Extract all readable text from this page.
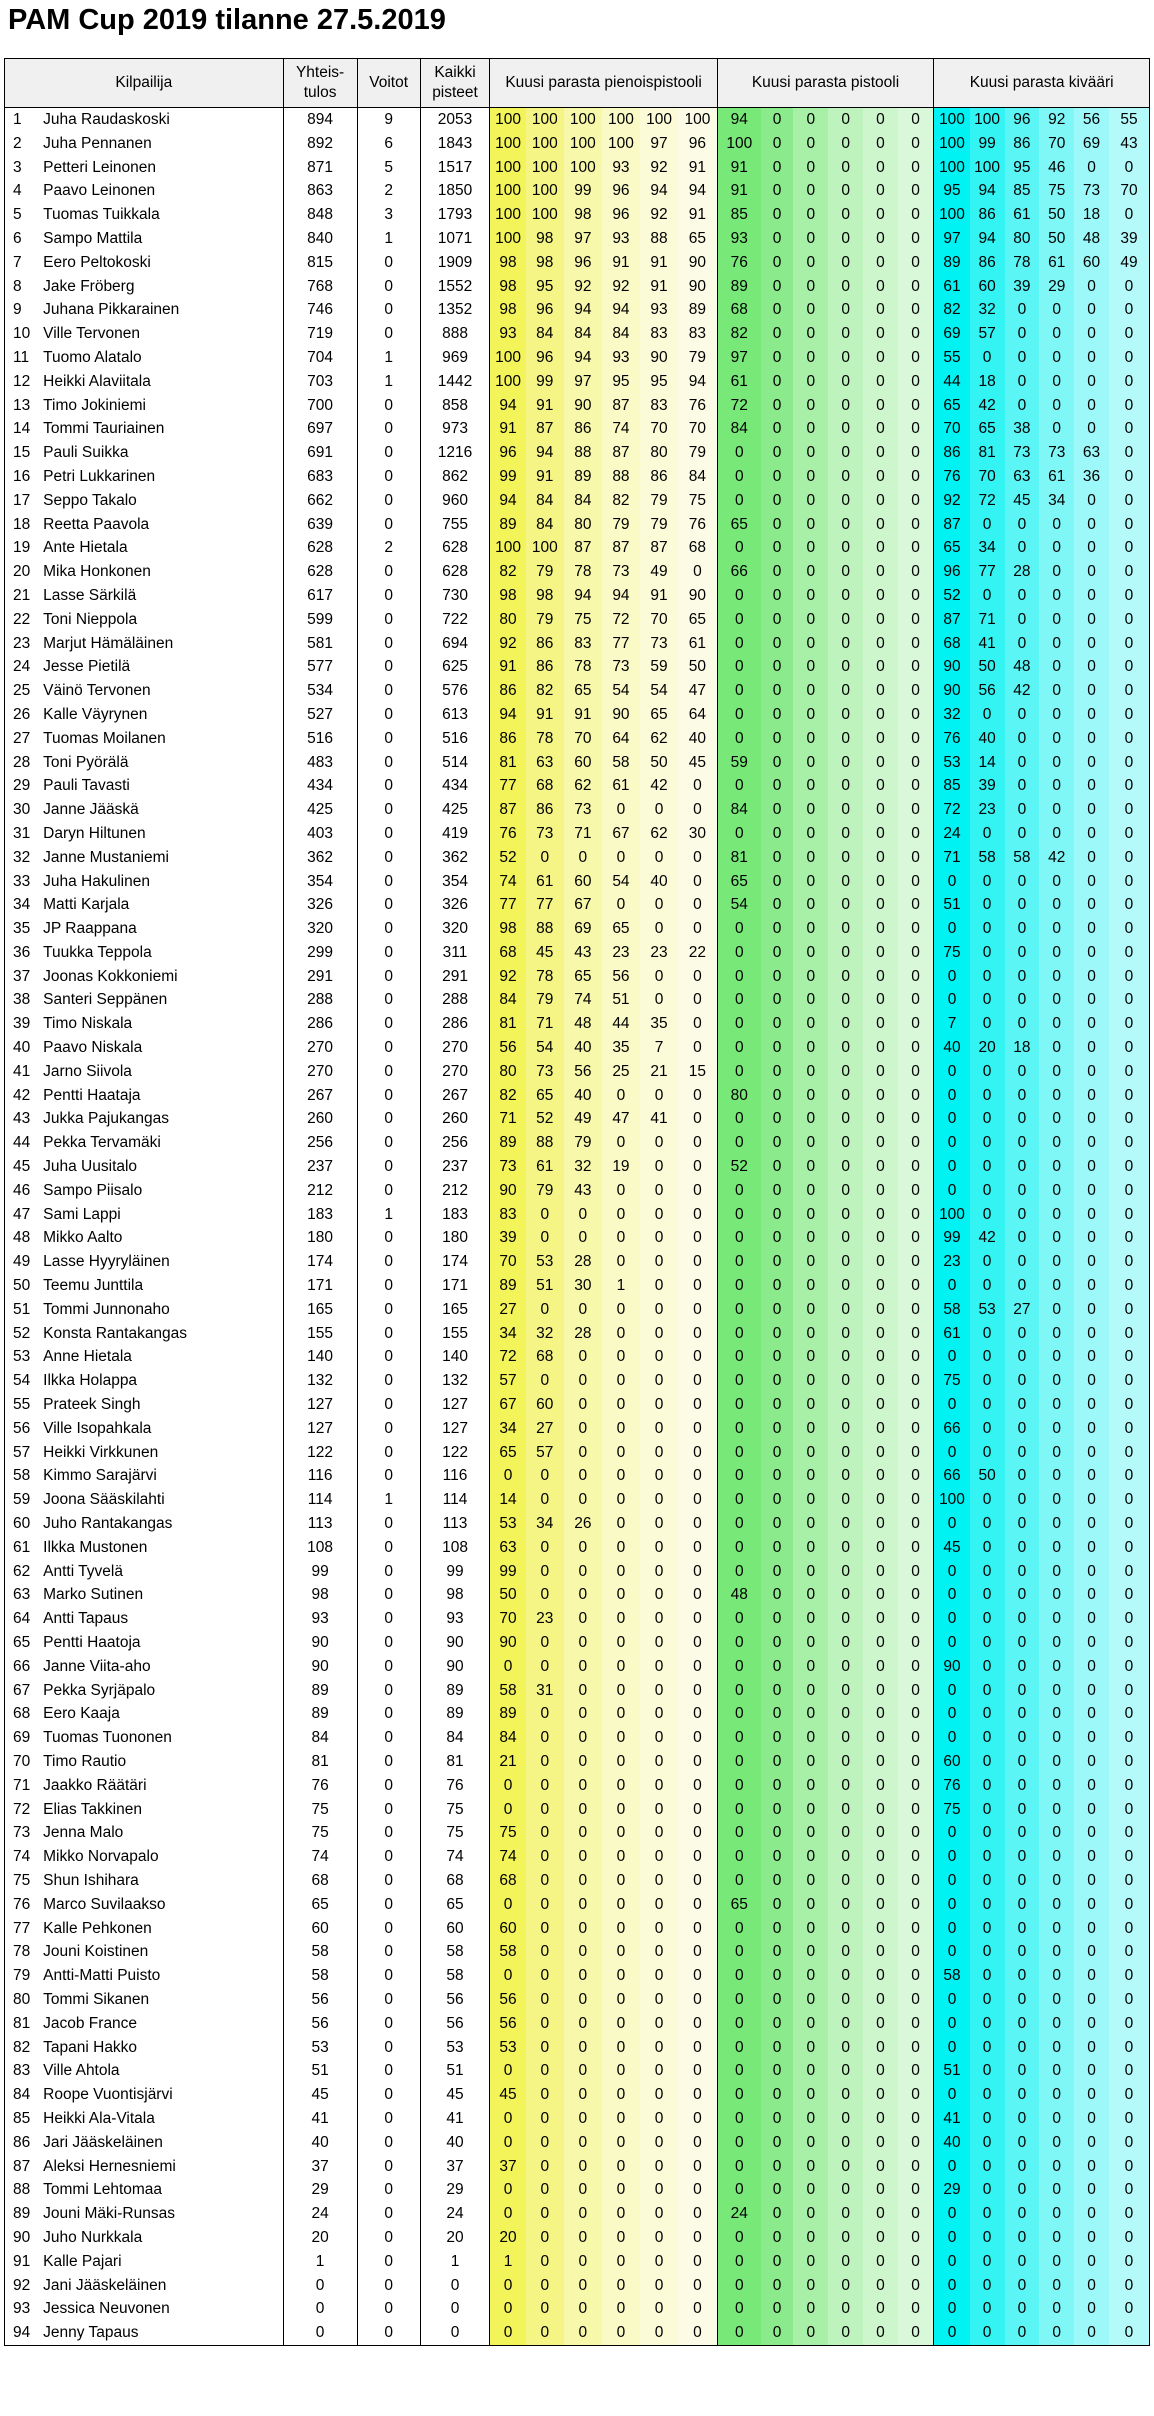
PAM Cup 2019 tilanne 27.5.2019
Kilpailija		Yhteis-tulos	Voitot	Kaikki pisteet	Kuusi parasta pienoispistooli						Kuusi parasta pistooli						Kuusi parasta kivääri					
1	Juha Raudaskoski	894	9	2053	100	100	100	100	100	100	94	0	0	0	0	0	100	100	96	92	56	55
2	Juha Pennanen	892	6	1843	100	100	100	100	97	96	100	0	0	0	0	0	100	99	86	70	69	43
3	Petteri Leinonen	871	5	1517	100	100	100	93	92	91	91	0	0	0	0	0	100	100	95	46	0	0
4	Paavo Leinonen	863	2	1850	100	100	99	96	94	94	91	0	0	0	0	0	95	94	85	75	73	70
5	Tuomas Tuikkala	848	3	1793	100	100	98	96	92	91	85	0	0	0	0	0	100	86	61	50	18	0
6	Sampo Mattila	840	1	1071	100	98	97	93	88	65	93	0	0	0	0	0	97	94	80	50	48	39
7	Eero Peltokoski	815	0	1909	98	98	96	91	91	90	76	0	0	0	0	0	89	86	78	61	60	49
8	Jake Fröberg	768	0	1552	98	95	92	92	91	90	89	0	0	0	0	0	61	60	39	29	0	0
9	Juhana Pikkarainen	746	0	1352	98	96	94	94	93	89	68	0	0	0	0	0	82	32	0	0	0	0
10	Ville Tervonen	719	0	888	93	84	84	84	83	83	82	0	0	0	0	0	69	57	0	0	0	0
11	Tuomo Alatalo	704	1	969	100	96	94	93	90	79	97	0	0	0	0	0	55	0	0	0	0	0
12	Heikki Alaviitala	703	1	1442	100	99	97	95	95	94	61	0	0	0	0	0	44	18	0	0	0	0
13	Timo Jokiniemi	700	0	858	94	91	90	87	83	76	72	0	0	0	0	0	65	42	0	0	0	0
14	Tommi Tauriainen	697	0	973	91	87	86	74	70	70	84	0	0	0	0	0	70	65	38	0	0	0
15	Pauli Suikka	691	0	1216	96	94	88	87	80	79	0	0	0	0	0	0	86	81	73	73	63	0
16	Petri Lukkarinen	683	0	862	99	91	89	88	86	84	0	0	0	0	0	0	76	70	63	61	36	0
17	Seppo Takalo	662	0	960	94	84	84	82	79	75	0	0	0	0	0	0	92	72	45	34	0	0
18	Reetta Paavola	639	0	755	89	84	80	79	79	76	65	0	0	0	0	0	87	0	0	0	0	0
19	Ante Hietala	628	2	628	100	100	87	87	87	68	0	0	0	0	0	0	65	34	0	0	0	0
20	Mika Honkonen	628	0	628	82	79	78	73	49	0	66	0	0	0	0	0	96	77	28	0	0	0
21	Lasse Särkilä	617	0	730	98	98	94	94	91	90	0	0	0	0	0	0	52	0	0	0	0	0
22	Toni Nieppola	599	0	722	80	79	75	72	70	65	0	0	0	0	0	0	87	71	0	0	0	0
23	Marjut Hämäläinen	581	0	694	92	86	83	77	73	61	0	0	0	0	0	0	68	41	0	0	0	0
24	Jesse Pietilä	577	0	625	91	86	78	73	59	50	0	0	0	0	0	0	90	50	48	0	0	0
25	Väinö Tervonen	534	0	576	86	82	65	54	54	47	0	0	0	0	0	0	90	56	42	0	0	0
26	Kalle Väyrynen	527	0	613	94	91	91	90	65	64	0	0	0	0	0	0	32	0	0	0	0	0
27	Tuomas Moilanen	516	0	516	86	78	70	64	62	40	0	0	0	0	0	0	76	40	0	0	0	0
28	Toni Pyörälä	483	0	514	81	63	60	58	50	45	59	0	0	0	0	0	53	14	0	0	0	0
29	Pauli Tavasti	434	0	434	77	68	62	61	42	0	0	0	0	0	0	0	85	39	0	0	0	0
30	Janne Jääskä	425	0	425	87	86	73	0	0	0	84	0	0	0	0	0	72	23	0	0	0	0
31	Daryn Hiltunen	403	0	419	76	73	71	67	62	30	0	0	0	0	0	0	24	0	0	0	0	0
32	Janne Mustaniemi	362	0	362	52	0	0	0	0	0	81	0	0	0	0	0	71	58	58	42	0	0
33	Juha Hakulinen	354	0	354	74	61	60	54	40	0	65	0	0	0	0	0	0	0	0	0	0	0
34	Matti Karjala	326	0	326	77	77	67	0	0	0	54	0	0	0	0	0	51	0	0	0	0	0
35	JP Raappana	320	0	320	98	88	69	65	0	0	0	0	0	0	0	0	0	0	0	0	0	0
36	Tuukka Teppola	299	0	311	68	45	43	23	23	22	0	0	0	0	0	0	75	0	0	0	0	0
37	Joonas Kokkoniemi	291	0	291	92	78	65	56	0	0	0	0	0	0	0	0	0	0	0	0	0	0
38	Santeri Seppänen	288	0	288	84	79	74	51	0	0	0	0	0	0	0	0	0	0	0	0	0	0
39	Timo Niskala	286	0	286	81	71	48	44	35	0	0	0	0	0	0	0	7	0	0	0	0	0
40	Paavo Niskala	270	0	270	56	54	40	35	7	0	0	0	0	0	0	0	40	20	18	0	0	0
41	Jarno Siivola	270	0	270	80	73	56	25	21	15	0	0	0	0	0	0	0	0	0	0	0	0
42	Pentti Haataja	267	0	267	82	65	40	0	0	0	80	0	0	0	0	0	0	0	0	0	0	0
43	Jukka Pajukangas	260	0	260	71	52	49	47	41	0	0	0	0	0	0	0	0	0	0	0	0	0
44	Pekka Tervamäki	256	0	256	89	88	79	0	0	0	0	0	0	0	0	0	0	0	0	0	0	0
45	Juha Uusitalo	237	0	237	73	61	32	19	0	0	52	0	0	0	0	0	0	0	0	0	0	0
46	Sampo Piisalo	212	0	212	90	79	43	0	0	0	0	0	0	0	0	0	0	0	0	0	0	0
47	Sami Lappi	183	1	183	83	0	0	0	0	0	0	0	0	0	0	0	100	0	0	0	0	0
48	Mikko Aalto	180	0	180	39	0	0	0	0	0	0	0	0	0	0	0	99	42	0	0	0	0
49	Lasse Hyyryläinen	174	0	174	70	53	28	0	0	0	0	0	0	0	0	0	23	0	0	0	0	0
50	Teemu Junttila	171	0	171	89	51	30	1	0	0	0	0	0	0	0	0	0	0	0	0	0	0
51	Tommi Junnonaho	165	0	165	27	0	0	0	0	0	0	0	0	0	0	0	58	53	27	0	0	0
52	Konsta Rantakangas	155	0	155	34	32	28	0	0	0	0	0	0	0	0	0	61	0	0	0	0	0
53	Anne Hietala	140	0	140	72	68	0	0	0	0	0	0	0	0	0	0	0	0	0	0	0	0
54	Ilkka Holappa	132	0	132	57	0	0	0	0	0	0	0	0	0	0	0	75	0	0	0	0	0
55	Prateek Singh	127	0	127	67	60	0	0	0	0	0	0	0	0	0	0	0	0	0	0	0	0
56	Ville Isopahkala	127	0	127	34	27	0	0	0	0	0	0	0	0	0	0	66	0	0	0	0	0
57	Heikki Virkkunen	122	0	122	65	57	0	0	0	0	0	0	0	0	0	0	0	0	0	0	0	0
58	Kimmo Sarajärvi	116	0	116	0	0	0	0	0	0	0	0	0	0	0	0	66	50	0	0	0	0
59	Joona Sääskilahti	114	1	114	14	0	0	0	0	0	0	0	0	0	0	0	100	0	0	0	0	0
60	Juho Rantakangas	113	0	113	53	34	26	0	0	0	0	0	0	0	0	0	0	0	0	0	0	0
61	Ilkka Mustonen	108	0	108	63	0	0	0	0	0	0	0	0	0	0	0	45	0	0	0	0	0
62	Antti Tyvelä	99	0	99	99	0	0	0	0	0	0	0	0	0	0	0	0	0	0	0	0	0
63	Marko Sutinen	98	0	98	50	0	0	0	0	0	48	0	0	0	0	0	0	0	0	0	0	0
64	Antti Tapaus	93	0	93	70	23	0	0	0	0	0	0	0	0	0	0	0	0	0	0	0	0
65	Pentti Haatoja	90	0	90	90	0	0	0	0	0	0	0	0	0	0	0	0	0	0	0	0	0
66	Janne Viita-aho	90	0	90	0	0	0	0	0	0	0	0	0	0	0	0	90	0	0	0	0	0
67	Pekka Syrjäpalo	89	0	89	58	31	0	0	0	0	0	0	0	0	0	0	0	0	0	0	0	0
68	Eero Kaaja	89	0	89	89	0	0	0	0	0	0	0	0	0	0	0	0	0	0	0	0	0
69	Tuomas Tuononen	84	0	84	84	0	0	0	0	0	0	0	0	0	0	0	0	0	0	0	0	0
70	Timo Rautio	81	0	81	21	0	0	0	0	0	0	0	0	0	0	0	60	0	0	0	0	0
71	Jaakko Räätäri	76	0	76	0	0	0	0	0	0	0	0	0	0	0	0	76	0	0	0	0	0
72	Elias Takkinen	75	0	75	0	0	0	0	0	0	0	0	0	0	0	0	75	0	0	0	0	0
73	Jenna Malo	75	0	75	75	0	0	0	0	0	0	0	0	0	0	0	0	0	0	0	0	0
74	Mikko Norvapalo	74	0	74	74	0	0	0	0	0	0	0	0	0	0	0	0	0	0	0	0	0
75	Shun Ishihara	68	0	68	68	0	0	0	0	0	0	0	0	0	0	0	0	0	0	0	0	0
76	Marco Suvilaakso	65	0	65	0	0	0	0	0	0	65	0	0	0	0	0	0	0	0	0	0	0
77	Kalle Pehkonen	60	0	60	60	0	0	0	0	0	0	0	0	0	0	0	0	0	0	0	0	0
78	Jouni Koistinen	58	0	58	58	0	0	0	0	0	0	0	0	0	0	0	0	0	0	0	0	0
79	Antti-Matti Puisto	58	0	58	0	0	0	0	0	0	0	0	0	0	0	0	58	0	0	0	0	0
80	Tommi Sikanen	56	0	56	56	0	0	0	0	0	0	0	0	0	0	0	0	0	0	0	0	0
81	Jacob France	56	0	56	56	0	0	0	0	0	0	0	0	0	0	0	0	0	0	0	0	0
82	Tapani Hakko	53	0	53	53	0	0	0	0	0	0	0	0	0	0	0	0	0	0	0	0	0
83	Ville Ahtola	51	0	51	0	0	0	0	0	0	0	0	0	0	0	0	51	0	0	0	0	0
84	Roope Vuontisjärvi	45	0	45	45	0	0	0	0	0	0	0	0	0	0	0	0	0	0	0	0	0
85	Heikki Ala-Vitala	41	0	41	0	0	0	0	0	0	0	0	0	0	0	0	41	0	0	0	0	0
86	Jari Jääskeläinen	40	0	40	0	0	0	0	0	0	0	0	0	0	0	0	40	0	0	0	0	0
87	Aleksi Hernesniemi	37	0	37	37	0	0	0	0	0	0	0	0	0	0	0	0	0	0	0	0	0
88	Tommi Lehtomaa	29	0	29	0	0	0	0	0	0	0	0	0	0	0	0	29	0	0	0	0	0
89	Jouni Mäki-Runsas	24	0	24	0	0	0	0	0	0	24	0	0	0	0	0	0	0	0	0	0	0
90	Juho Nurkkala	20	0	20	20	0	0	0	0	0	0	0	0	0	0	0	0	0	0	0	0	0
91	Kalle Pajari	1	0	1	1	0	0	0	0	0	0	0	0	0	0	0	0	0	0	0	0	0
92	Jani Jääskeläinen	0	0	0	0	0	0	0	0	0	0	0	0	0	0	0	0	0	0	0	0	0
93	Jessica Neuvonen	0	0	0	0	0	0	0	0	0	0	0	0	0	0	0	0	0	0	0	0	0
94	Jenny Tapaus	0	0	0	0	0	0	0	0	0	0	0	0	0	0	0	0	0	0	0	0	0
